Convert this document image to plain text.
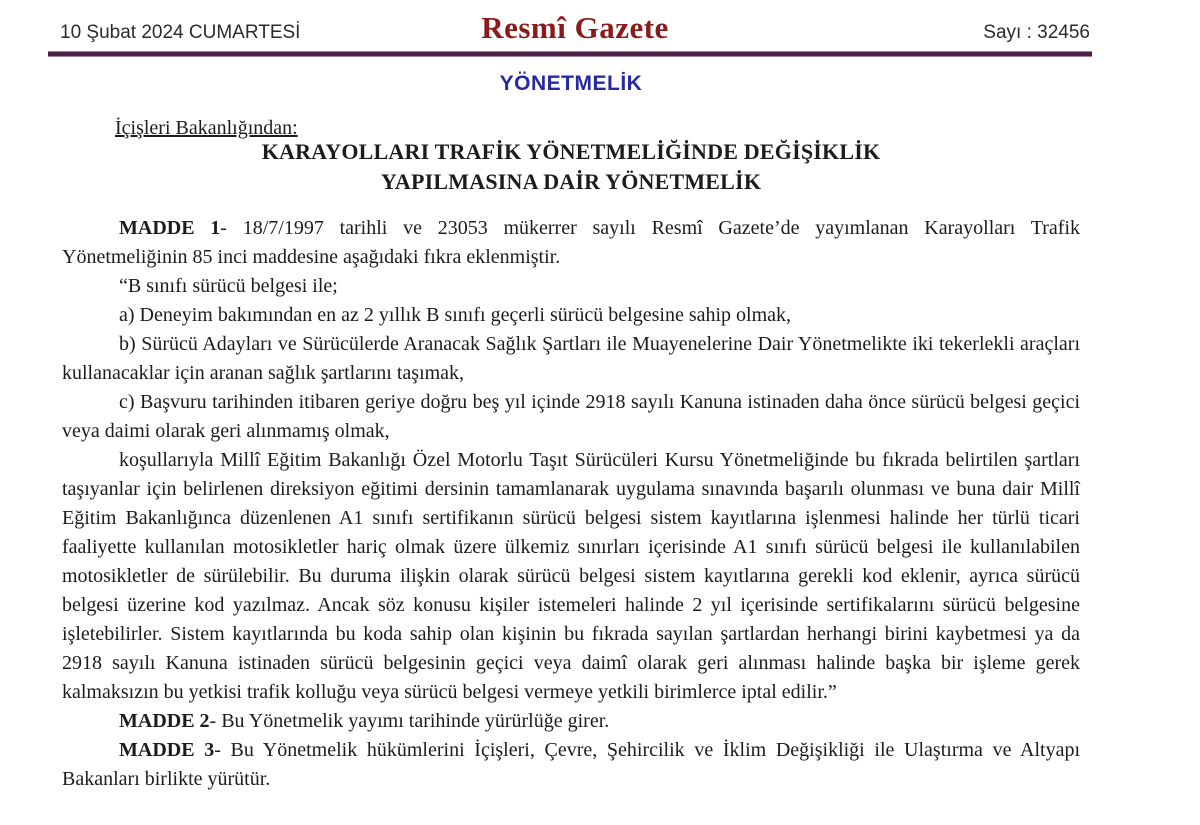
10 Şubat 2024 CUMARTESİ	Resmî Gazete	Sayı : 32456
YÖNETMELİK
İçişleri Bakanlığından:
KARAYOLLARI TRAFİK YÖNETMELİĞİNDE DEĞİŞİKLİK
YAPILMASINA DAİR YÖNETMELİK

MADDE 1- 18/7/1997 tarihli ve 23053 mükerrer sayılı Resmî Gazete’de yayımlanan Karayolları Trafik Yönetmeliğinin 85 inci maddesine aşağıdaki fıkra eklenmiştir.

“B sınıfı sürücü belgesi ile;

a) Deneyim bakımından en az 2 yıllık B sınıfı geçerli sürücü belgesine sahip olmak,

b) Sürücü Adayları ve Sürücülerde Aranacak Sağlık Şartları ile Muayenelerine Dair Yönetmelikte iki tekerlekli araçları kullanacaklar için aranan sağlık şartlarını taşımak,

c) Başvuru tarihinden itibaren geriye doğru beş yıl içinde 2918 sayılı Kanuna istinaden daha önce sürücü belgesi geçici veya daimi olarak geri alınmamış olmak,

koşullarıyla Millî Eğitim Bakanlığı Özel Motorlu Taşıt Sürücüleri Kursu Yönetmeliğinde bu fıkrada belirtilen şartları taşıyanlar için belirlenen direksiyon eğitimi dersinin tamamlanarak uygulama sınavında başarılı olunması ve buna dair Millî Eğitim Bakanlığınca düzenlenen A1 sınıfı sertifikanın sürücü belgesi sistem kayıtlarına işlenmesi halinde her türlü ticari faaliyette kullanılan motosikletler hariç olmak üzere ülkemiz sınırları içerisinde A1 sınıfı sürücü belgesi ile kullanılabilen motosikletler de sürülebilir. Bu duruma ilişkin olarak sürücü belgesi sistem kayıtlarına gerekli kod eklenir, ayrıca sürücü belgesi üzerine kod yazılmaz. Ancak söz konusu kişiler istemeleri halinde 2 yıl içerisinde sertifikalarını sürücü belgesine işletebilirler. Sistem kayıtlarında bu koda sahip olan kişinin bu fıkrada sayılan şartlardan herhangi birini kaybetmesi ya da 2918 sayılı Kanuna istinaden sürücü belgesinin geçici veya daimî olarak geri alınması halinde başka bir işleme gerek kalmaksızın bu yetkisi trafik kolluğu veya sürücü belgesi vermeye yetkili birimlerce iptal edilir.”

MADDE 2- Bu Yönetmelik yayımı tarihinde yürürlüğe girer.

MADDE 3- Bu Yönetmelik hükümlerini İçişleri, Çevre, Şehircilik ve İklim Değişikliği ile Ulaştırma ve Altyapı Bakanları birlikte yürütür.
